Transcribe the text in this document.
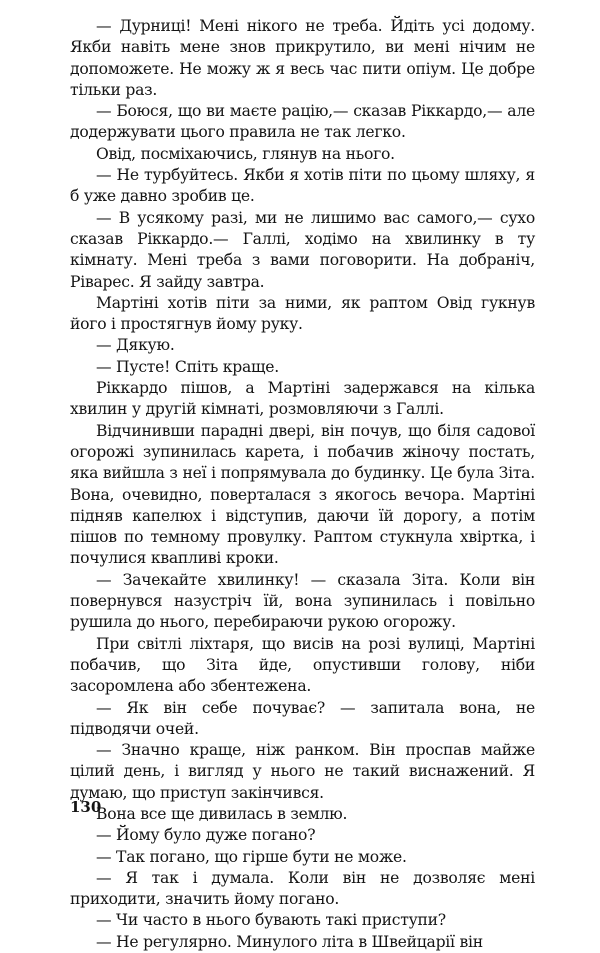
— Дурниці! Мені нікого не треба. Йдіть усі додому. Якби навіть мене знов прикрутило, ви мені нічим не допоможете. Не можу ж я весь час пити опіум. Це добре тільки раз.

— Боюся, що ви маєте рацію,— сказав Ріккардо,— але додержувати цього правила не так легко.

Овід, посміхаючись, глянув на нього.

— Не турбуйтесь. Якби я хотів піти по цьому шляху, я б уже давно зробив це.

— В усякому разі, ми не лишимо вас самого,— сухо сказав Ріккардо.— Галлі, ходімо на хвилинку в ту кімнату. Мені треба з вами поговорити. На добраніч, Ріварес. Я зайду завтра.

Мартіні хотів піти за ними, як раптом Овід гукнув його і простягнув йому руку.

— Дякую.

— Пусте! Спіть краще.

Ріккардо пішов, а Мартіні задержався на кілька хвилин у другій кімнаті, розмовляючи з Галлі.

Відчинивши парадні двері, він почув, що біля садової огорожі зупинилась карета, і побачив жіночу постать, яка вийшла з неї і попрямувала до будинку. Це була Зіта. Вона, очевидно, поверталася з якогось вечора. Мартіні підняв капелюх і відступив, даючи їй дорогу, а потім пішов по темному провулку. Раптом стукнула хвіртка, і почулися квапливі кроки.

— Зачекайте хвилинку! — сказала Зіта. Коли він повернувся назустріч їй, вона зупинилась і повільно рушила до нього, перебираючи рукою огорожу.

При світлі ліхтаря, що висів на розі вулиці, Мартіні побачив, що Зіта йде, опустивши голову, ніби засоромлена або збентежена.

— Як він себе почуває? — запитала вона, не підводячи очей.

— Значно краще, ніж ранком. Він проспав майже цілий день, і вигляд у нього не такий виснажений. Я думаю, що приступ закінчився.

Вона все ще дивилась в землю.

— Йому було дуже погано?

— Так погано, що гірше бути не може.

— Я так і думала. Коли він не дозволяє мені приходити, значить йому погано.

— Чи часто в нього бувають такі приступи?

— Не регулярно. Минулого літа в Швейцарії він

130
